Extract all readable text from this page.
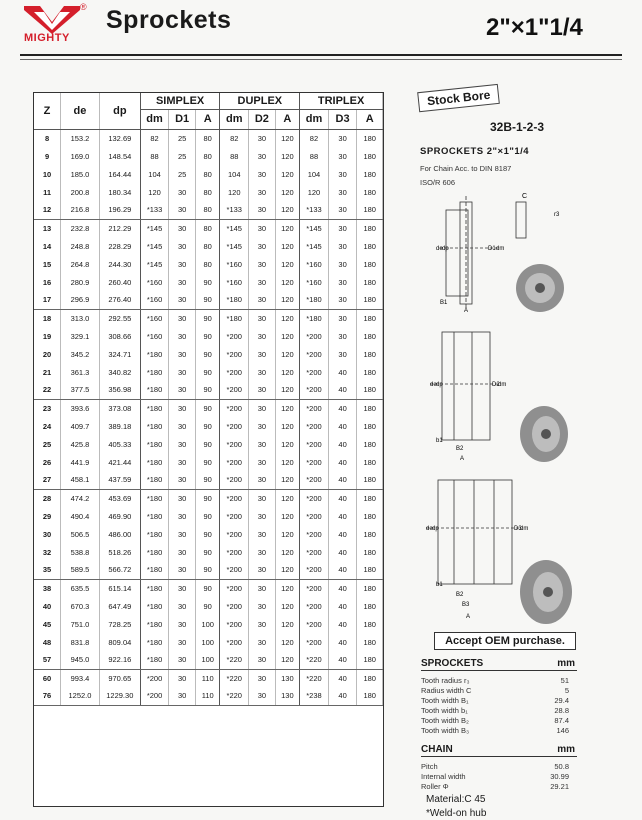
®
MIGHTY
Sprockets	2"×1"1/4
Z	de	dp	SIMPLEX			DUPLEX			TRIPLEX		
			dm	D1	A	dm	D2	A	dm	D3	A
8	153.2	132.69	82	25	80	82	30	120	82	30	180
9	169.0	148.54	88	25	80	88	30	120	88	30	180
10	185.0	164.44	104	25	80	104	30	120	104	30	180
11	200.8	180.34	120	30	80	120	30	120	120	30	180
12	216.8	196.29	*133	30	80	*133	30	120	*133	30	180
13	232.8	212.29	*145	30	80	*145	30	120	*145	30	180
14	248.8	228.29	*145	30	80	*145	30	120	*145	30	180
15	264.8	244.30	*145	30	80	*160	30	120	*160	30	180
16	280.9	260.40	*160	30	90	*160	30	120	*160	30	180
17	296.9	276.40	*160	30	90	*180	30	120	*180	30	180
18	313.0	292.55	*160	30	90	*180	30	120	*180	30	180
19	329.1	308.66	*160	30	90	*200	30	120	*200	30	180
20	345.2	324.71	*180	30	90	*200	30	120	*200	30	180
21	361.3	340.82	*180	30	90	*200	30	120	*200	40	180
22	377.5	356.98	*180	30	90	*200	30	120	*200	40	180
23	393.6	373.08	*180	30	90	*200	30	120	*200	40	180
24	409.7	389.18	*180	30	90	*200	30	120	*200	40	180
25	425.8	405.33	*180	30	90	*200	30	120	*200	40	180
26	441.9	421.44	*180	30	90	*200	30	120	*200	40	180
27	458.1	437.59	*180	30	90	*200	30	120	*200	40	180
28	474.2	453.69	*180	30	90	*200	30	120	*200	40	180
29	490.4	469.90	*180	30	90	*200	30	120	*200	40	180
30	506.5	486.00	*180	30	90	*200	30	120	*200	40	180
32	538.8	518.26	*180	30	90	*200	30	120	*200	40	180
35	589.5	566.72	*180	30	90	*200	30	120	*200	40	180
38	635.5	615.14	*180	30	90	*200	30	120	*200	40	180
40	670.3	647.49	*180	30	90	*200	30	120	*200	40	180
45	751.0	728.25	*180	30	100	*200	30	120	*200	40	180
48	831.8	809.04	*180	30	100	*200	30	120	*200	40	180
57	945.0	922.16	*180	30	100	*220	30	120	*220	40	180
60	993.4	970.65	*200	30	110	*220	30	130	*220	40	180
76	1252.0	1229.30	*200	30	110	*220	30	130	*238	40	180
Stock Bore
32B-1-2-3
SPROCKETS 2"×1"1/4
For Chain Acc. to DIN 8187
ISO/R 606
de dp	D1 dm
B1
A
C
r3
de dp	D2
dm
b1
B2
A
de dp	D3
dm
b1
B2
B3
A
Accept OEM purchase.
SPROCKETS	mm
Tooth radius r₃	51
Radius width C	5
Tooth width B₁	29.4
Tooth width b₁	28.8
Tooth width B₂	87.4
Tooth width B₃	146
CHAIN	mm
Pitch	50.8
Internal width	30.99
Roller Φ	29.21
Material:C 45
*Weld-on hub
